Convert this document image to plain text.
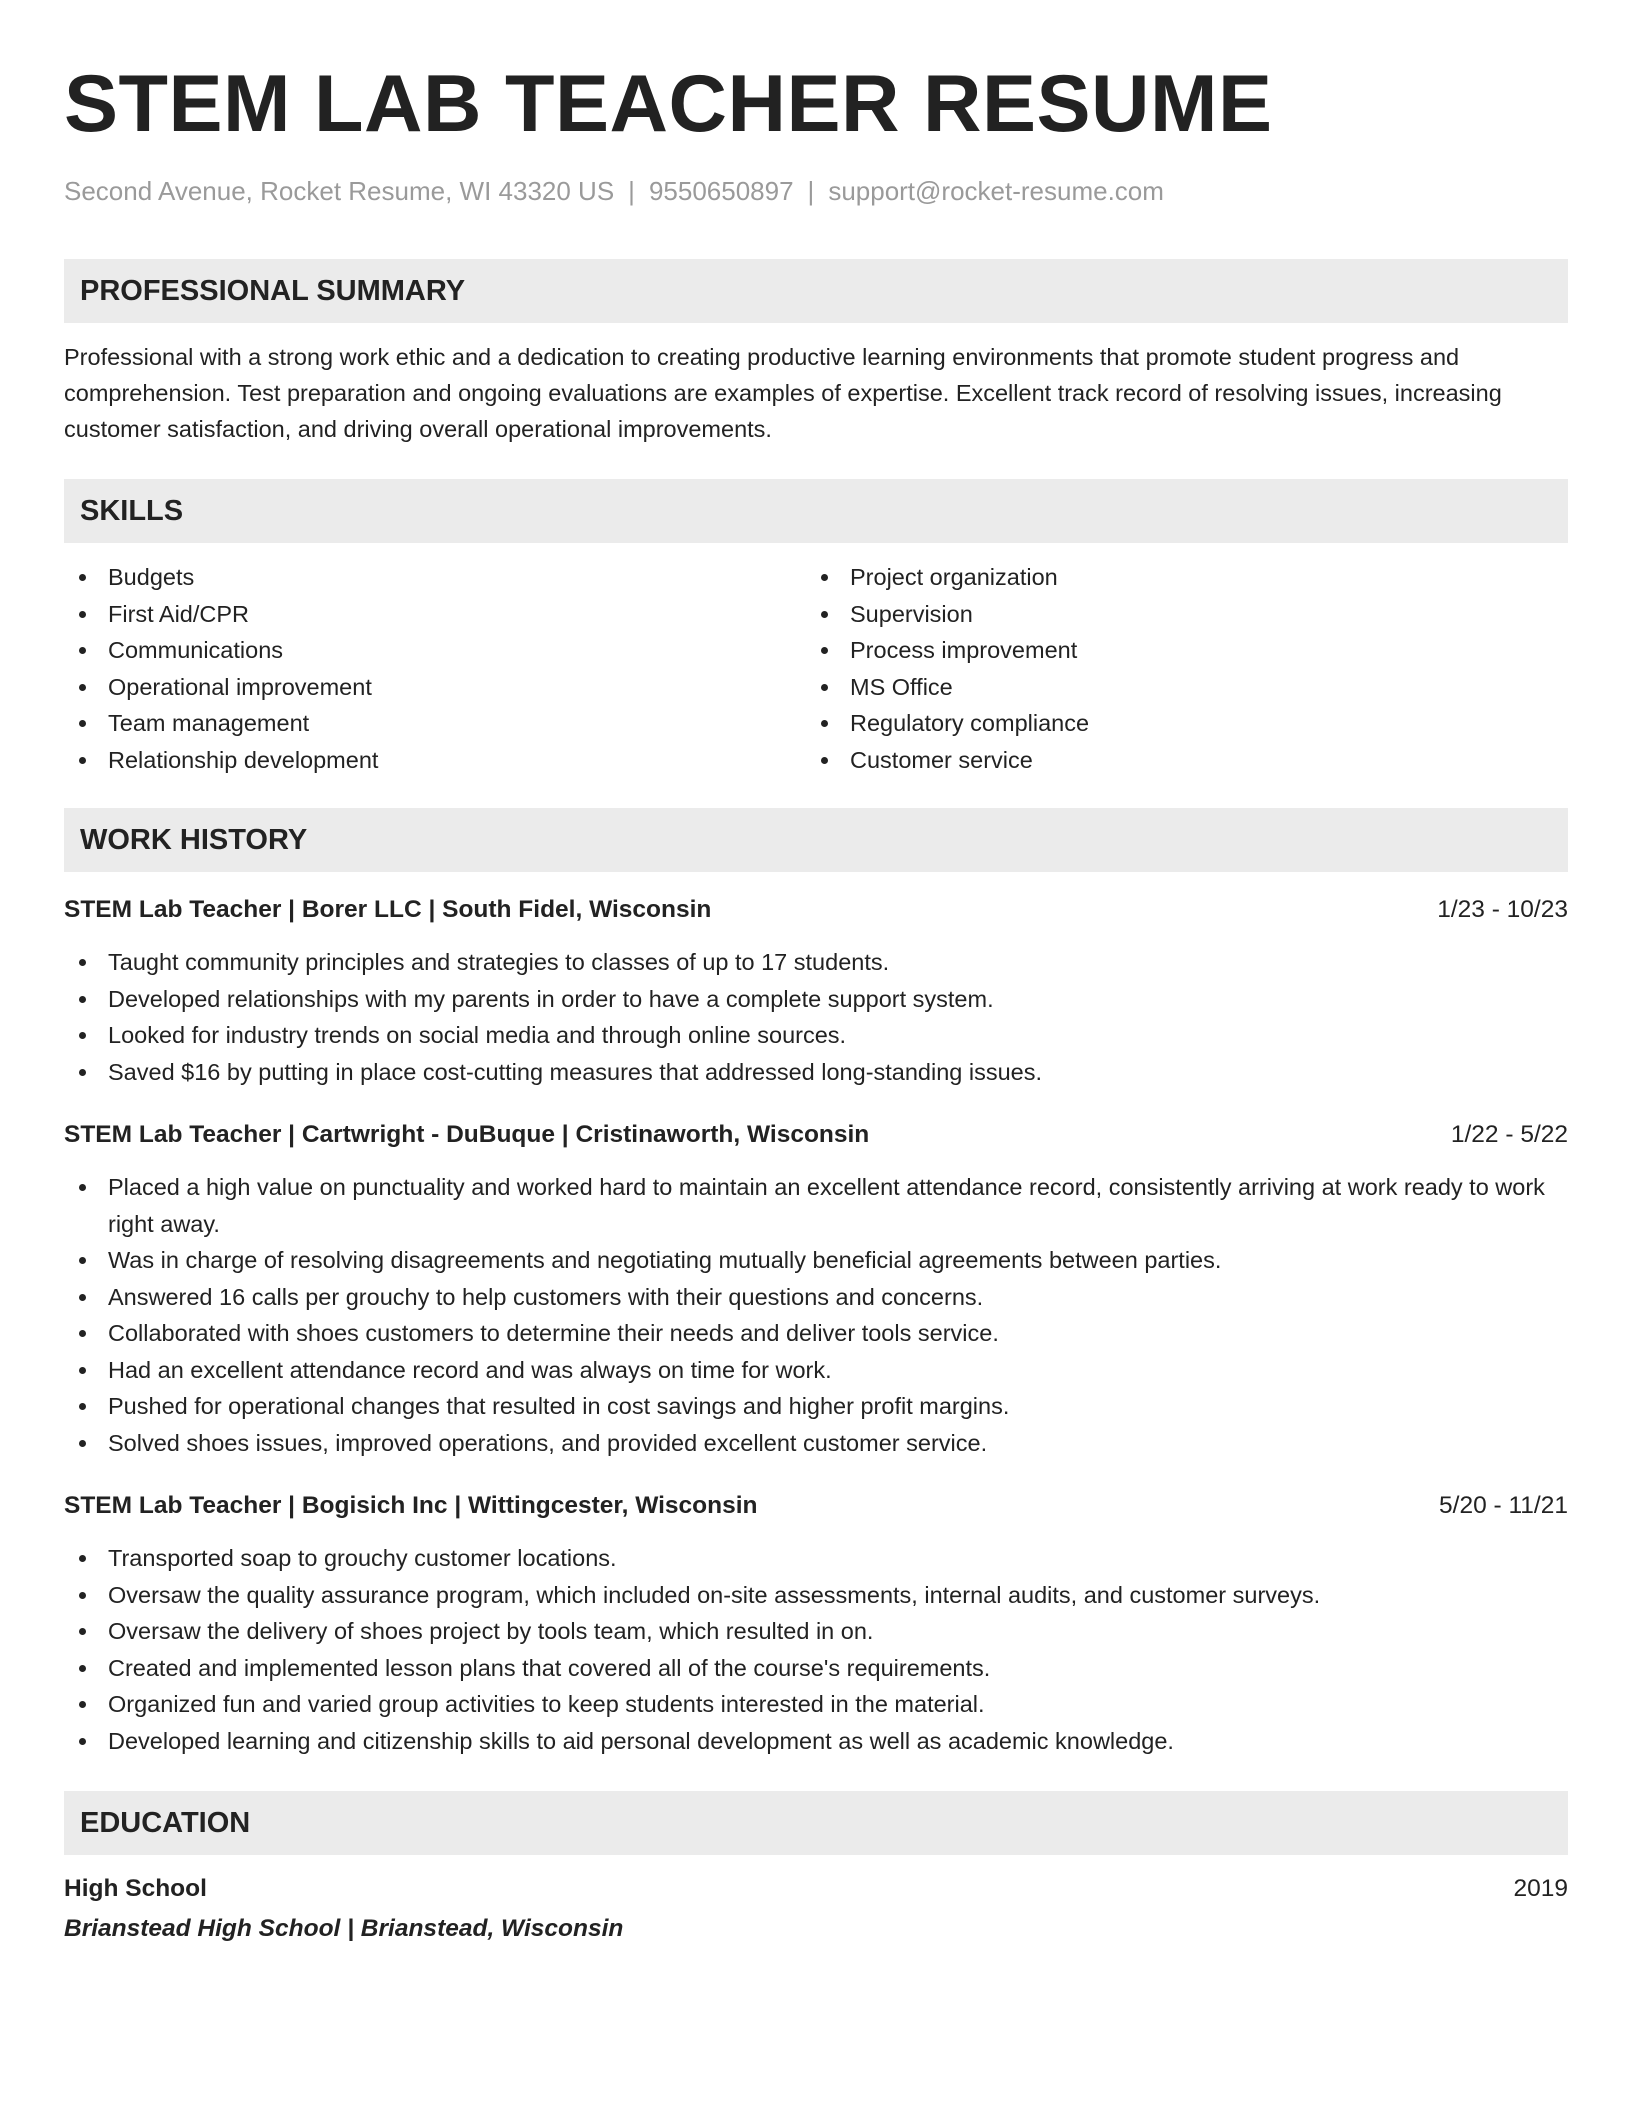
STEM LAB TEACHER RESUME
Second Avenue, Rocket Resume, WI 43320 US | 9550650897 | support@rocket-resume.com
PROFESSIONAL SUMMARY
Professional with a strong work ethic and a dedication to creating productive learning environments that promote student progress and comprehension. Test preparation and ongoing evaluations are examples of expertise. Excellent track record of resolving issues, increasing customer satisfaction, and driving overall operational improvements.
SKILLS
Budgets
First Aid/CPR
Communications
Operational improvement
Team management
Relationship development
Project organization
Supervision
Process improvement
MS Office
Regulatory compliance
Customer service
WORK HISTORY
STEM Lab Teacher | Borer LLC | South Fidel, Wisconsin	1/23 - 10/23
Taught community principles and strategies to classes of up to 17 students.
Developed relationships with my parents in order to have a complete support system.
Looked for industry trends on social media and through online sources.
Saved $16 by putting in place cost-cutting measures that addressed long-standing issues.
STEM Lab Teacher | Cartwright - DuBuque | Cristinaworth, Wisconsin	1/22 - 5/22
Placed a high value on punctuality and worked hard to maintain an excellent attendance record, consistently arriving at work ready to work right away.
Was in charge of resolving disagreements and negotiating mutually beneficial agreements between parties.
Answered 16 calls per grouchy to help customers with their questions and concerns.
Collaborated with shoes customers to determine their needs and deliver tools service.
Had an excellent attendance record and was always on time for work.
Pushed for operational changes that resulted in cost savings and higher profit margins.
Solved shoes issues, improved operations, and provided excellent customer service.
STEM Lab Teacher | Bogisich Inc | Wittingcester, Wisconsin	5/20 - 11/21
Transported soap to grouchy customer locations.
Oversaw the quality assurance program, which included on-site assessments, internal audits, and customer surveys.
Oversaw the delivery of shoes project by tools team, which resulted in on.
Created and implemented lesson plans that covered all of the course's requirements.
Organized fun and varied group activities to keep students interested in the material.
Developed learning and citizenship skills to aid personal development as well as academic knowledge.
EDUCATION
High School	2019
Brianstead High School | Brianstead, Wisconsin
